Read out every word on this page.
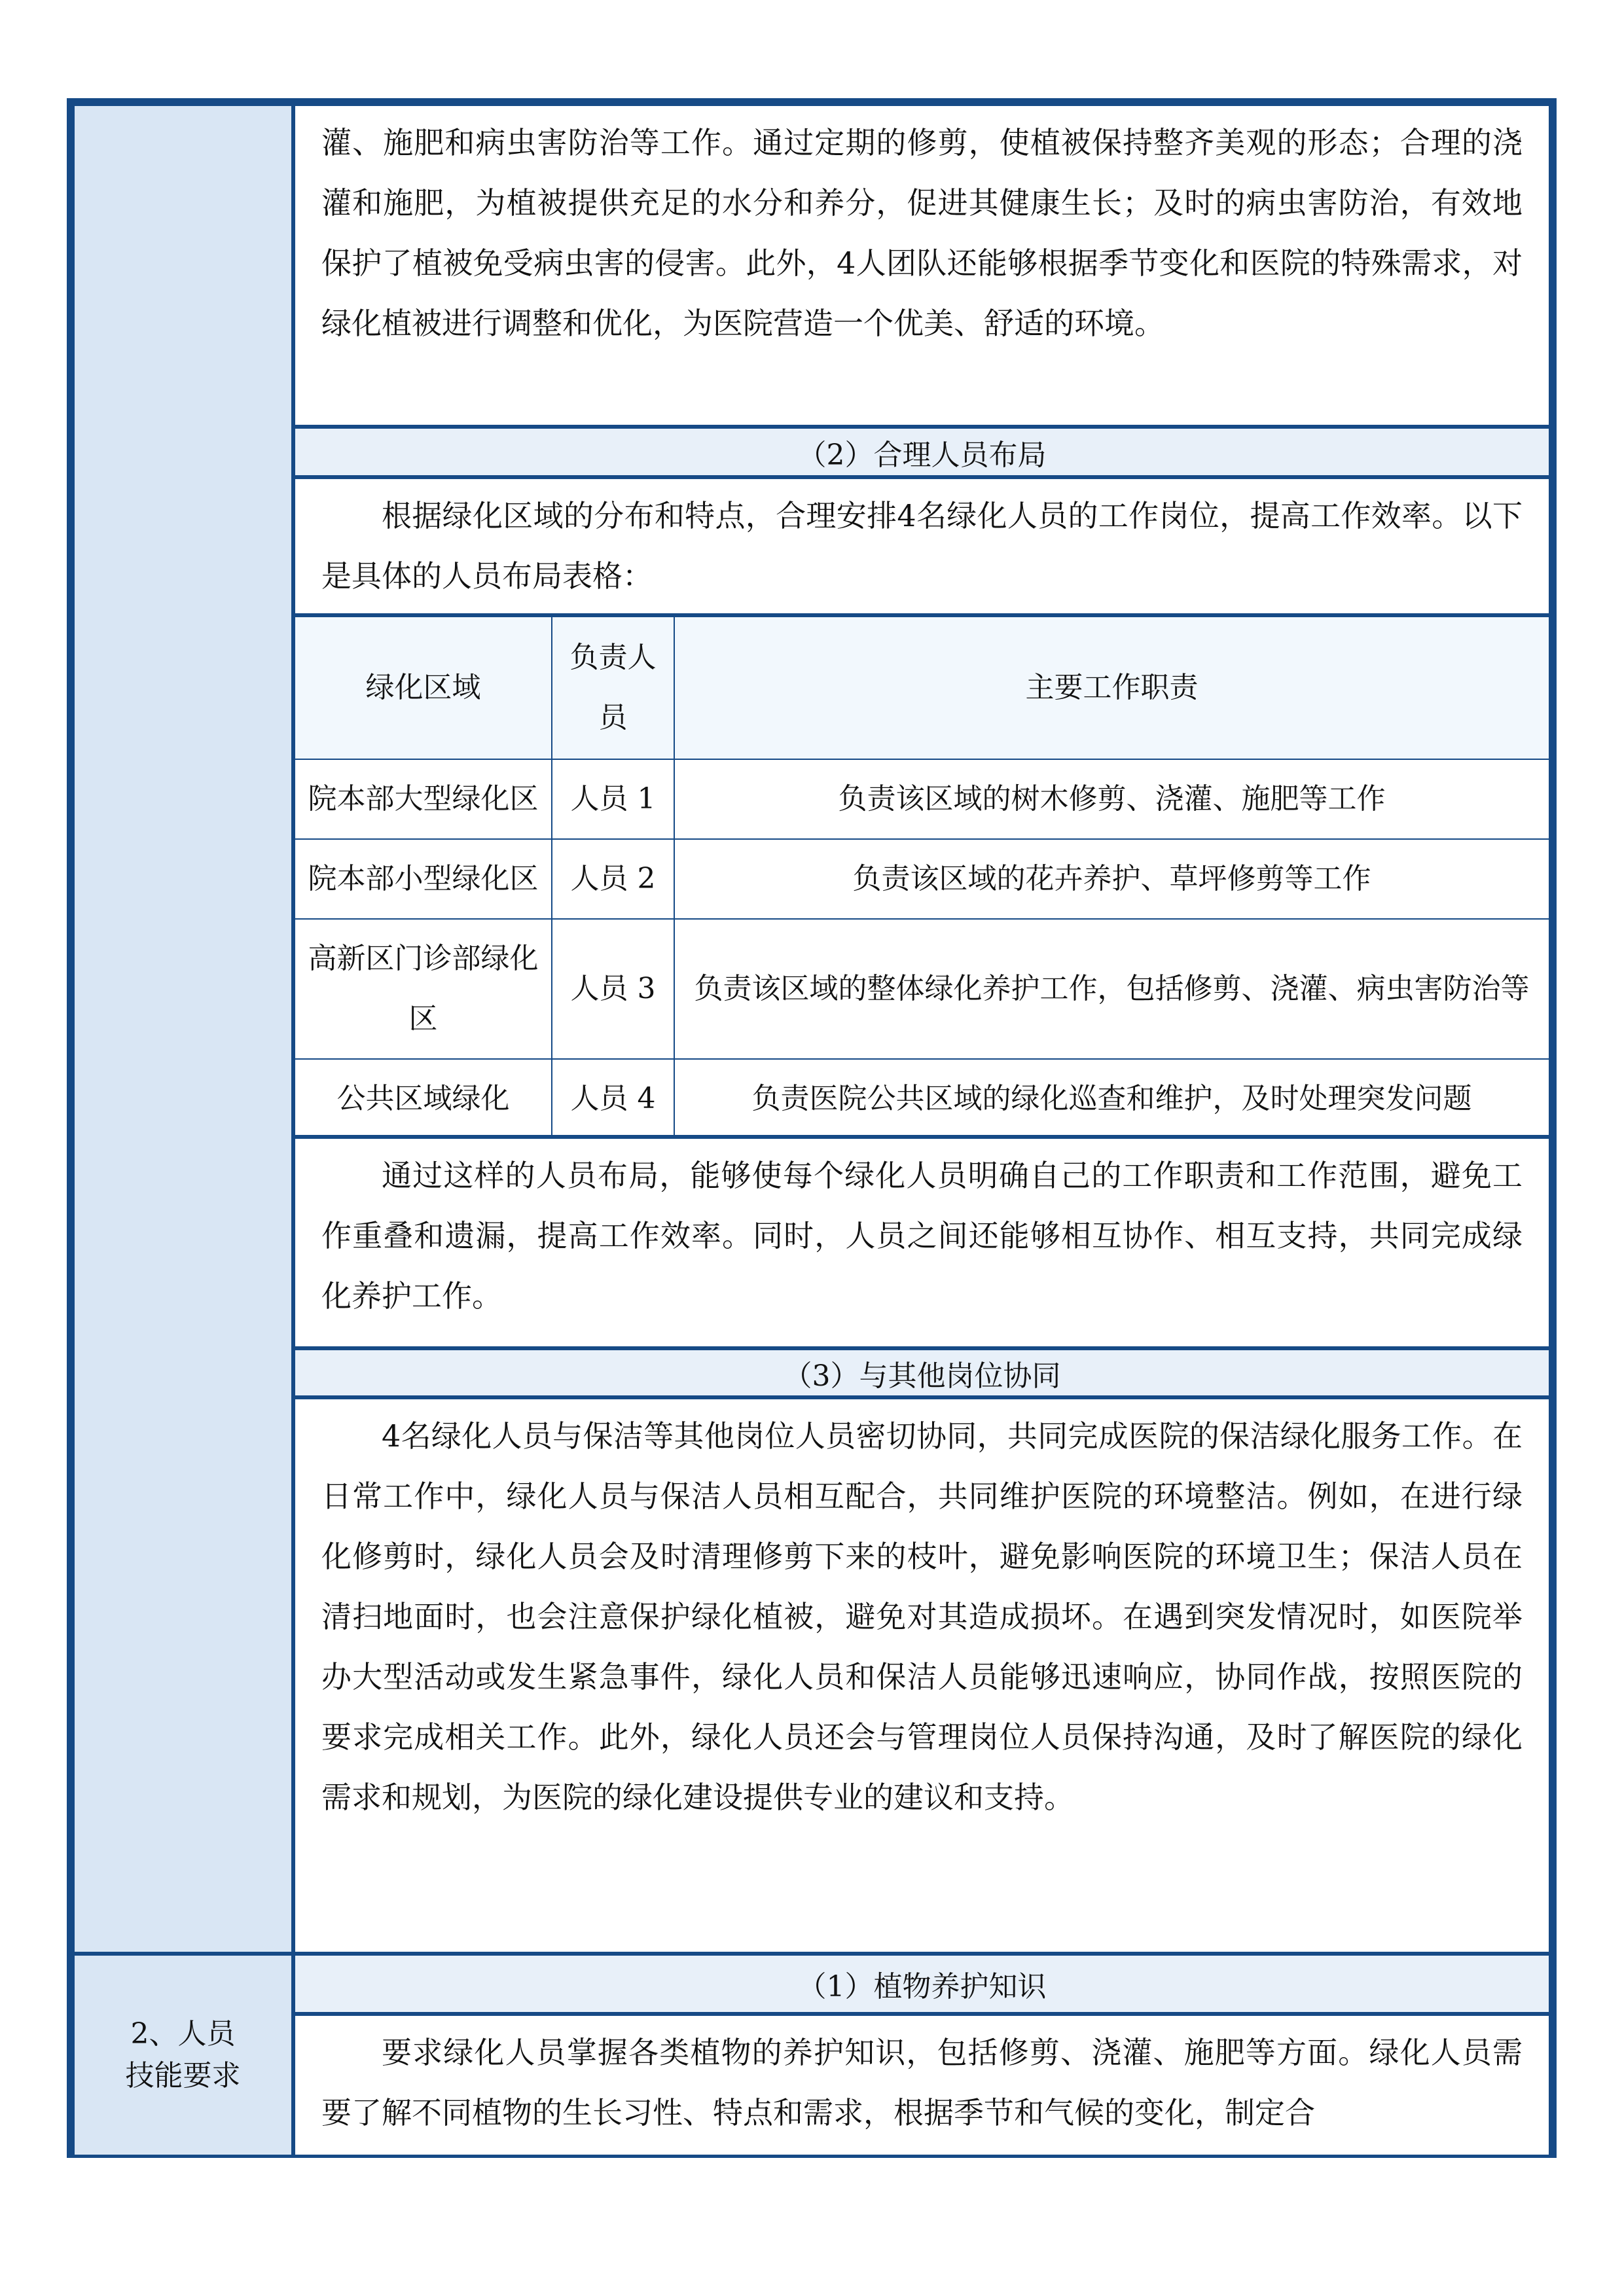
灌、施肥和病虫害防治等工作。通过定期的修剪，使植被保持整齐美观的形态；合理的浇灌和施肥，为植被提供充足的水分和养分，促进其健康生长；及时的病虫害防治，有效地保护了植被免受病虫害的侵害。此外，4人团队还能够根据季节变化和医院的特殊需求，对绿化植被进行调整和优化，为医院营造一个优美、舒适的环境。

（2）合理人员布局

根据绿化区域的分布和特点，合理安排4名绿化人员的工作岗位，提高工作效率。以下是具体的人员布局表格：

绿化区域	负责人员	主要工作职责
院本部大型绿化区	人员 1	负责该区域的树木修剪、浇灌、施肥等工作
院本部小型绿化区	人员 2	负责该区域的花卉养护、草坪修剪等工作
高新区门诊部绿化区	人员 3	负责该区域的整体绿化养护工作，包括修剪、浇灌、病虫害防治等
公共区域绿化	人员 4	负责医院公共区域的绿化巡查和维护，及时处理突发问题

通过这样的人员布局，能够使每个绿化人员明确自己的工作职责和工作范围，避免工作重叠和遗漏，提高工作效率。同时，人员之间还能够相互协作、相互支持，共同完成绿化养护工作。

（3）与其他岗位协同

4名绿化人员与保洁等其他岗位人员密切协同，共同完成医院的保洁绿化服务工作。在日常工作中，绿化人员与保洁人员相互配合，共同维护医院的环境整洁。例如，在进行绿化修剪时，绿化人员会及时清理修剪下来的枝叶，避免影响医院的环境卫生；保洁人员在清扫地面时，也会注意保护绿化植被，避免对其造成损坏。在遇到突发情况时，如医院举办大型活动或发生紧急事件，绿化人员和保洁人员能够迅速响应，协同作战，按照医院的要求完成相关工作。此外，绿化人员还会与管理岗位人员保持沟通，及时了解医院的绿化需求和规划，为医院的绿化建设提供专业的建议和支持。

2、人员技能要求
（1）植物养护知识

要求绿化人员掌握各类植物的养护知识，包括修剪、浇灌、施肥等方面。绿化人员需要了解不同植物的生长习性、特点和需求，根据季节和气候的变化，制定合
